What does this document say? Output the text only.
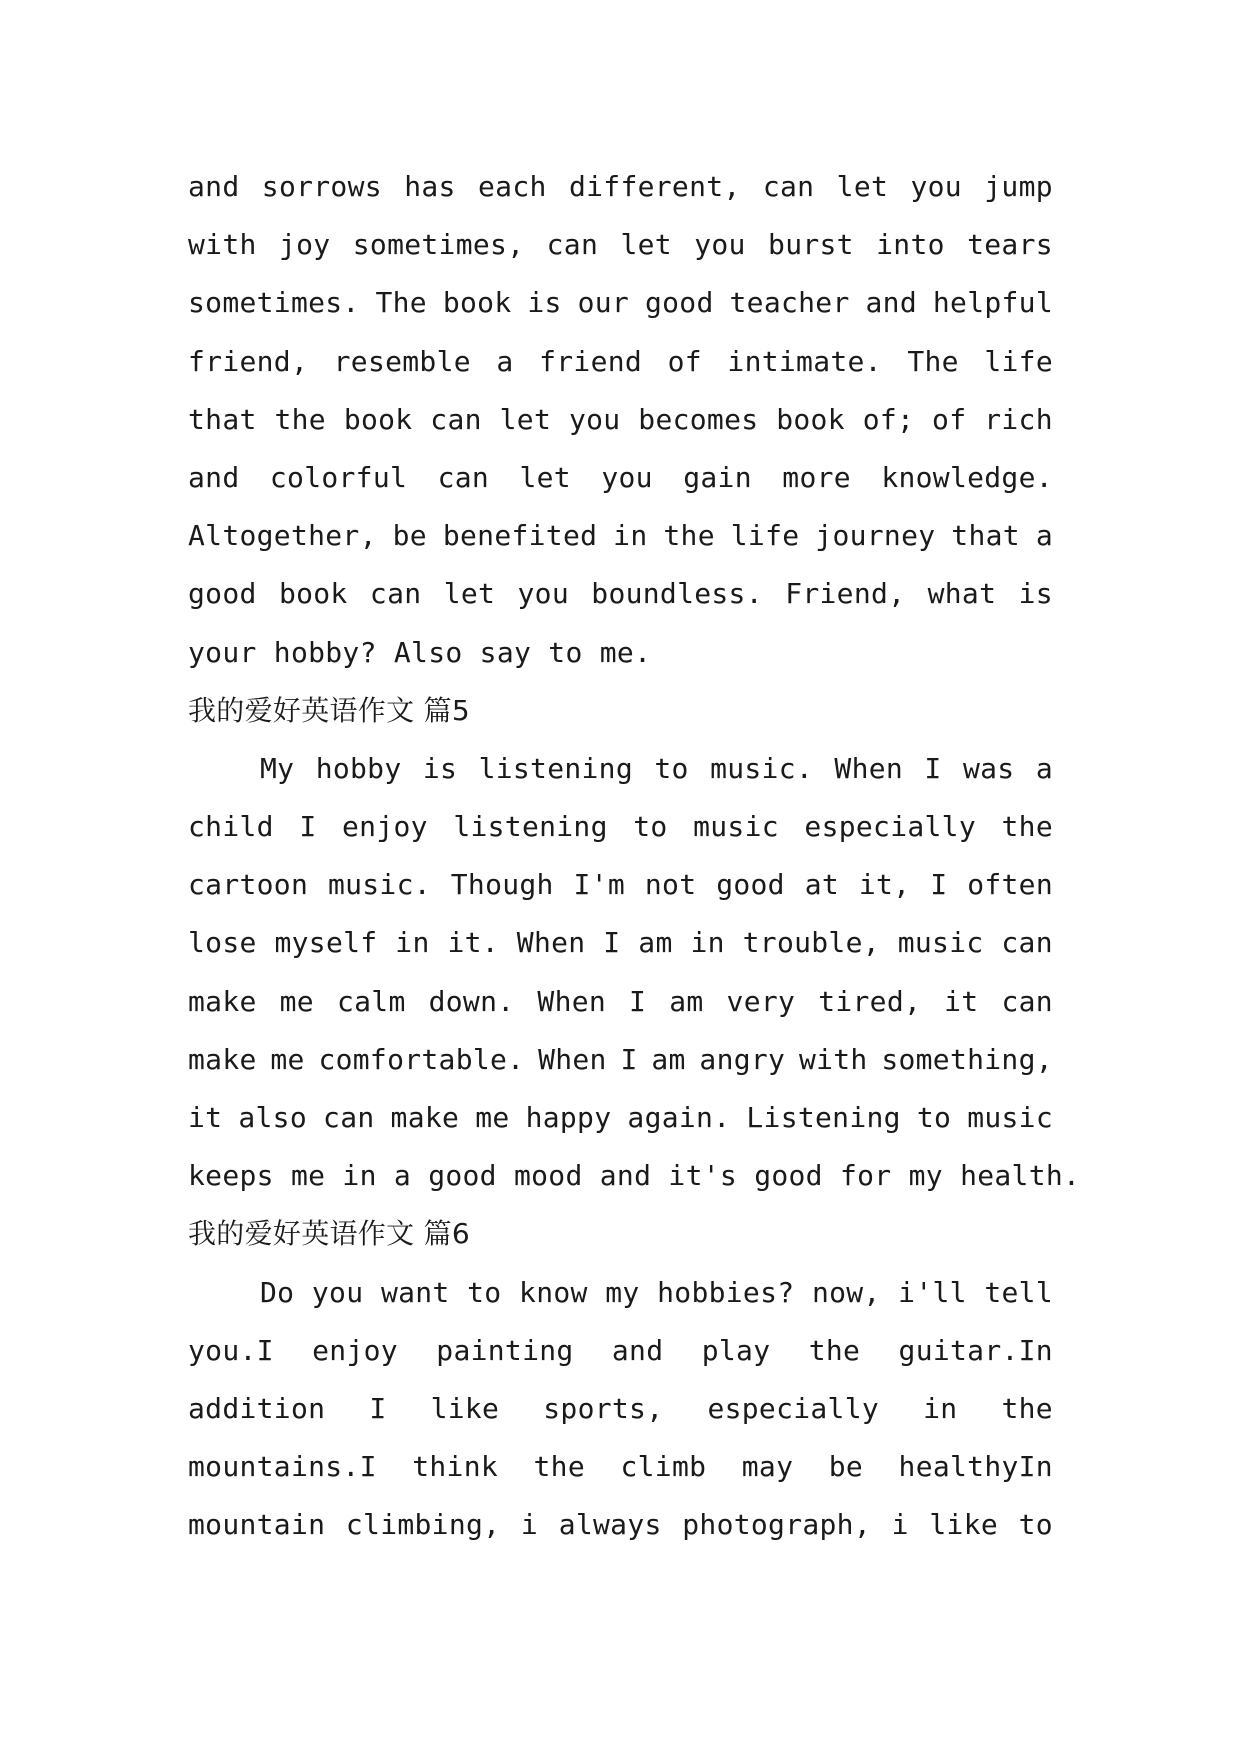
and sorrows has each different, can let you jump
with joy sometimes, can let you burst into tears
sometimes. The book is our good teacher and helpful
friend, resemble a friend of intimate. The life
that the book can let you becomes book of; of rich
and colorful can let you gain more knowledge.
Altogether, be benefited in the life journey that a
good book can let you boundless. Friend, what is
your hobby? Also say to me.
我的爱好英语作文 篇5
My hobby is listening to music. When I was a
child I enjoy listening to music especially the
cartoon music. Though I'm not good at it, I often
lose myself in it. When I am in trouble, music can
make me calm down. When I am very tired, it can
make me comfortable. When I am angry with something,
it also can make me happy again. Listening to music
keeps me in a good mood and it's good for my health.
我的爱好英语作文 篇6
Do you want to know my hobbies? now, i'll tell
you.I enjoy painting and play the guitar.In
addition I like sports, especially in the
mountains.I think the climb may be healthyIn
mountain climbing, i always photograph, i like to
